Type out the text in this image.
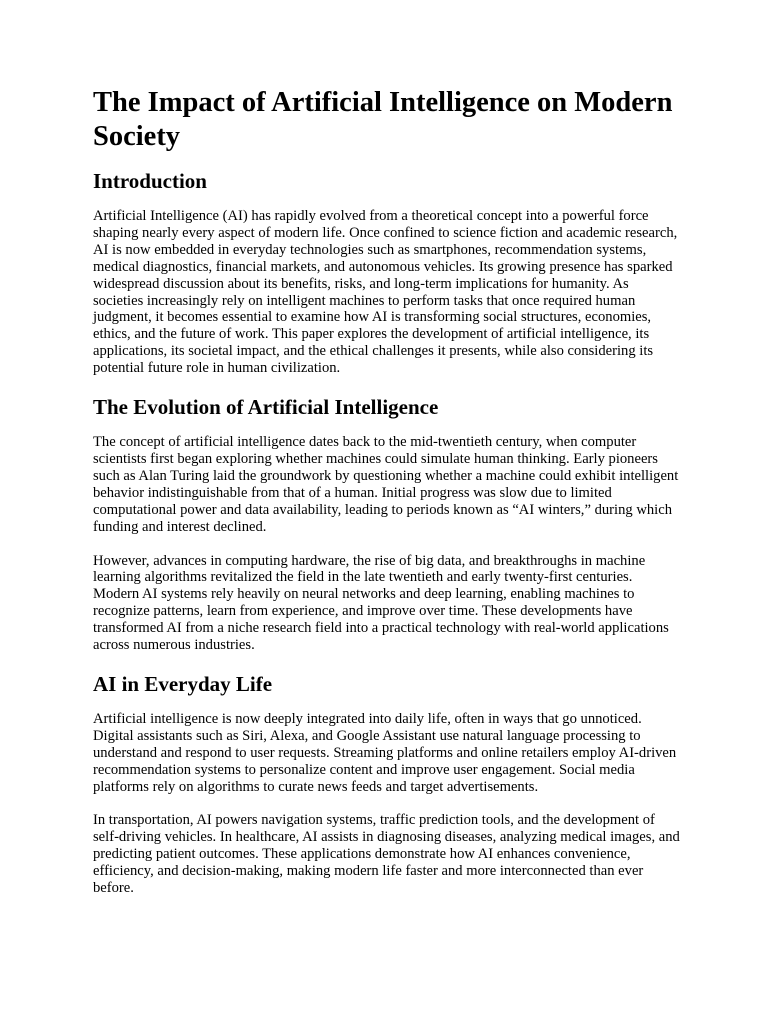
The Impact of Artificial Intelligence on Modern Society
Introduction

Artificial Intelligence (AI) has rapidly evolved from a theoretical concept into a powerful force shaping nearly every aspect of modern life. Once confined to science fiction and academic research, AI is now embedded in everyday technologies such as smartphones, recommendation systems, medical diagnostics, financial markets, and autonomous vehicles. Its growing presence has sparked widespread discussion about its benefits, risks, and long-term implications for humanity. As societies increasingly rely on intelligent machines to perform tasks that once required human judgment, it becomes essential to examine how AI is transforming social structures, economies, ethics, and the future of work. This paper explores the development of artificial intelligence, its applications, its societal impact, and the ethical challenges it presents, while also considering its potential future role in human civilization.

The Evolution of Artificial Intelligence

The concept of artificial intelligence dates back to the mid-twentieth century, when computer scientists first began exploring whether machines could simulate human thinking. Early pioneers such as Alan Turing laid the groundwork by questioning whether a machine could exhibit intelligent behavior indistinguishable from that of a human. Initial progress was slow due to limited computational power and data availability, leading to periods known as “AI winters,” during which funding and interest declined.

However, advances in computing hardware, the rise of big data, and breakthroughs in machine learning algorithms revitalized the field in the late twentieth and early twenty-first centuries. Modern AI systems rely heavily on neural networks and deep learning, enabling machines to recognize patterns, learn from experience, and improve over time. These developments have transformed AI from a niche research field into a practical technology with real-world applications across numerous industries.

AI in Everyday Life

Artificial intelligence is now deeply integrated into daily life, often in ways that go unnoticed. Digital assistants such as Siri, Alexa, and Google Assistant use natural language processing to understand and respond to user requests. Streaming platforms and online retailers employ AI-driven recommendation systems to personalize content and improve user engagement. Social media platforms rely on algorithms to curate news feeds and target advertisements.

In transportation, AI powers navigation systems, traffic prediction tools, and the development of self-driving vehicles. In healthcare, AI assists in diagnosing diseases, analyzing medical images, and predicting patient outcomes. These applications demonstrate how AI enhances convenience, efficiency, and decision-making, making modern life faster and more interconnected than ever before.
